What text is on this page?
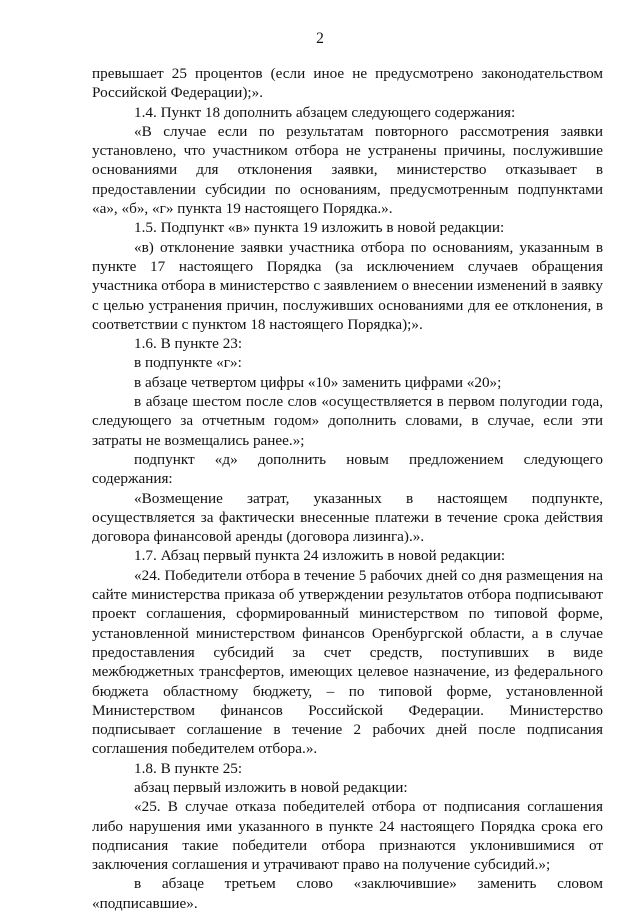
2

превышает 25 процентов (если иное не предусмотрено законодательством Российской Федерации);».

1.4. Пункт 18 дополнить абзацем следующего содержания:

«В случае если по результатам повторного рассмотрения заявки установлено, что участником отбора не устранены причины, послужившие основаниями для отклонения заявки, министерство отказывает в предоставлении субсидии по основаниям, предусмотренным подпунктами «а», «б», «г» пункта 19 настоящего Порядка.».

1.5. Подпункт «в» пункта 19 изложить в новой редакции:

«в) отклонение заявки участника отбора по основаниям, указанным в пункте 17 настоящего Порядка (за исключением случаев обращения участника отбора в министерство с заявлением о внесении изменений в заявку с целью устранения причин, послуживших основаниями для ее отклонения, в соответствии с пунктом 18 настоящего Порядка);».

1.6. В пункте 23:

в подпункте «г»:

в абзаце четвертом цифры «10» заменить цифрами «20»;

в абзаце шестом после слов «осуществляется в первом полугодии года, следующего за отчетным годом» дополнить словами, в случае, если эти затраты не возмещались ранее.»;

подпункт «д» дополнить новым предложением следующего содержания:

«Возмещение затрат, указанных в настоящем подпункте, осуществляется за фактически внесенные платежи в течение срока действия договора финансовой аренды (договора лизинга).».

1.7. Абзац первый пункта 24 изложить в новой редакции:

«24. Победители отбора в течение 5 рабочих дней со дня размещения на сайте министерства приказа об утверждении результатов отбора подписывают проект соглашения, сформированный министерством по типовой форме, установленной министерством финансов Оренбургской области, а в случае предоставления субсидий за счет средств, поступивших в виде межбюджетных трансфертов, имеющих целевое назначение, из федерального бюджета областному бюджету, – по типовой форме, установленной Министерством финансов Российской Федерации. Министерство подписывает соглашение в течение 2 рабочих дней после подписания соглашения победителем отбора.».

1.8. В пункте 25:

абзац первый изложить в новой редакции:

«25. В случае отказа победителей отбора от подписания соглашения либо нарушения ими указанного в пункте 24 настоящего Порядка срока его подписания такие победители отбора признаются уклонившимися от заключения соглашения и утрачивают право на получение субсидий.»;

в абзаце третьем слово «заключившие» заменить словом «подписавшие».
